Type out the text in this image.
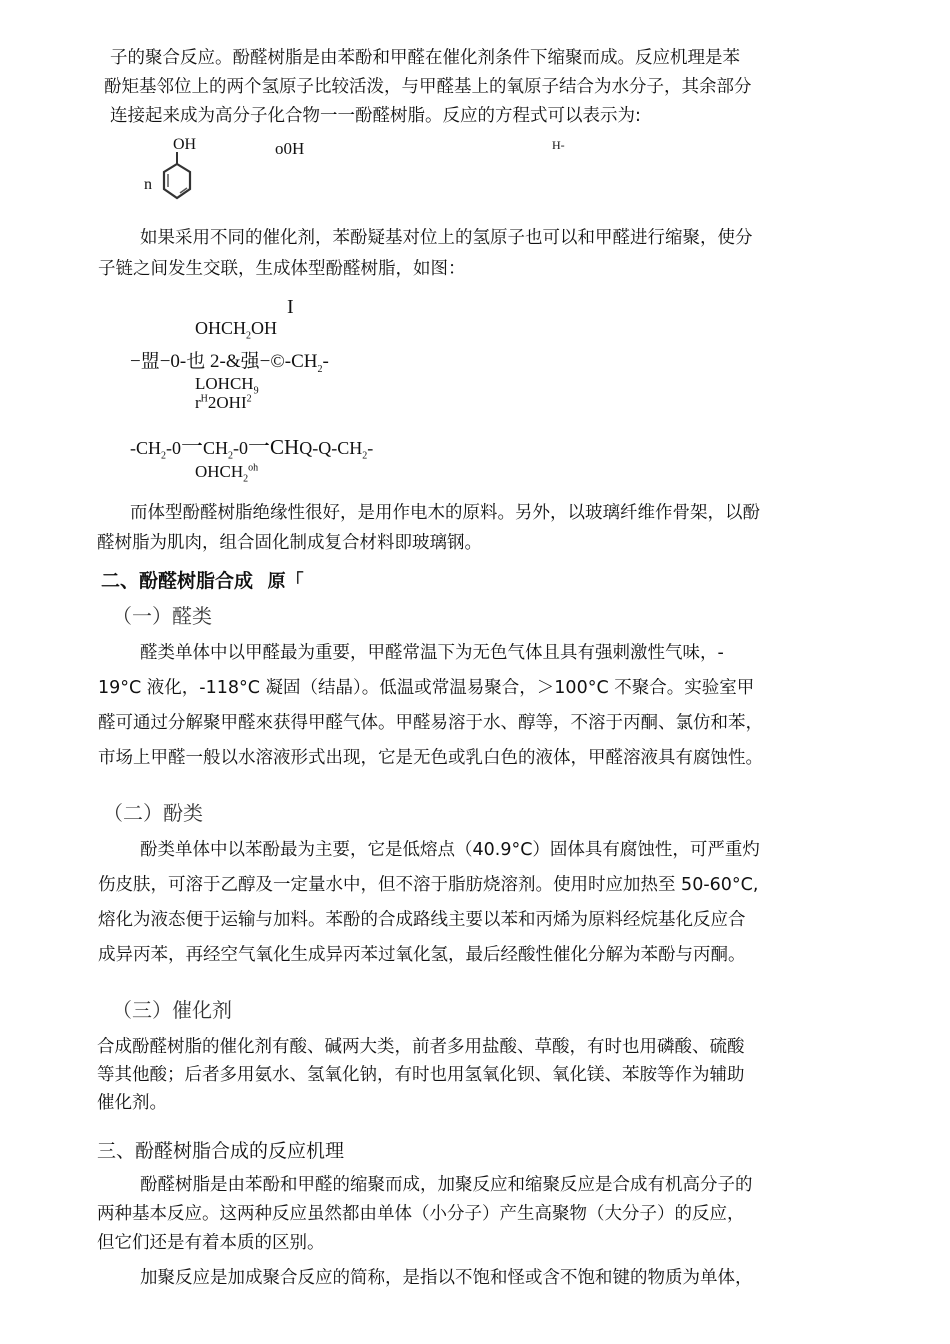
子的聚合反应。酚醛树脂是由苯酚和甲醛在催化剂条件下缩聚而成。反应机理是苯
酚矩基邻位上的两个氢原子比较活泼，与甲醛基上的氧原子结合为水分子，其余部分
连接起来成为高分子化合物一一酚醛树脂。反应的方程式可以表示为:
OH
n
o0H	H-
如果采用不同的催化剂，苯酚疑基对位上的氢原子也可以和甲醛进行缩聚，使分
子链之间发生交联，生成体型酚醛树脂，如图：
I
$OHCH_2OH$
−盟−0-也 2-&强$-©-CH_2-$
$LOHCH_9$
$r^H2OHI^2$
$-CH_2-0$一$CH_2-0$一CHQ-$Q-CH_2-$
$OHCH_2^{oh}$
而体型酚醛树脂绝缘性很好，是用作电木的原料。另外，以玻璃纤维作骨架，以酚
醛树脂为肌肉，组合固化制成复合材料即玻璃钢。
二、酚醛树脂合成 原「
（一）醛类
醛类单体中以甲醛最为重要，甲醛常温下为无色气体且具有强刺激性气味，-
19°C 液化，-118°C 凝固（结晶）。低温或常温易聚合，＞100°C 不聚合。实验室甲
醛可通过分解聚甲醛來获得甲醛气体。甲醛易溶于水、醇等，不溶于丙酮、氯仿和苯，
市场上甲醛一般以水溶液形式出现，它是无色或乳白色的液体，甲醛溶液具有腐蚀性。
（二）酚类
酚类单体中以苯酚最为主要，它是低熔点（40.9°C）固体具有腐蚀性，可严重灼
伤皮肤，可溶于乙醇及一定量水中，但不溶于脂肪烧溶剂。使用时应加热至 50-60°C,
熔化为液态便于运输与加料。苯酚的合成路线主要以苯和丙烯为原料经烷基化反应合
成异丙苯，再经空气氧化生成异丙苯过氧化氢，最后经酸性催化分解为苯酚与丙酮。
（三）催化剂
合成酚醛树脂的催化剂有酸、碱两大类，前者多用盐酸、草酸，有时也用磷酸、硫酸
等其他酸；后者多用氨水、氢氧化钠，有时也用氢氧化钡、氧化镁、苯胺等作为辅助
催化剂。
三、酚醛树脂合成的反应机理
酚醛树脂是由苯酚和甲醛的缩聚而成，加聚反应和缩聚反应是合成有机高分子的
两种基本反应。这两种反应虽然都由单体（小分子）产生高聚物（大分子）的反应，
但它们还是有着本质的区别。
加聚反应是加成聚合反应的简称，是指以不饱和怪或含不饱和键的物质为单体，
